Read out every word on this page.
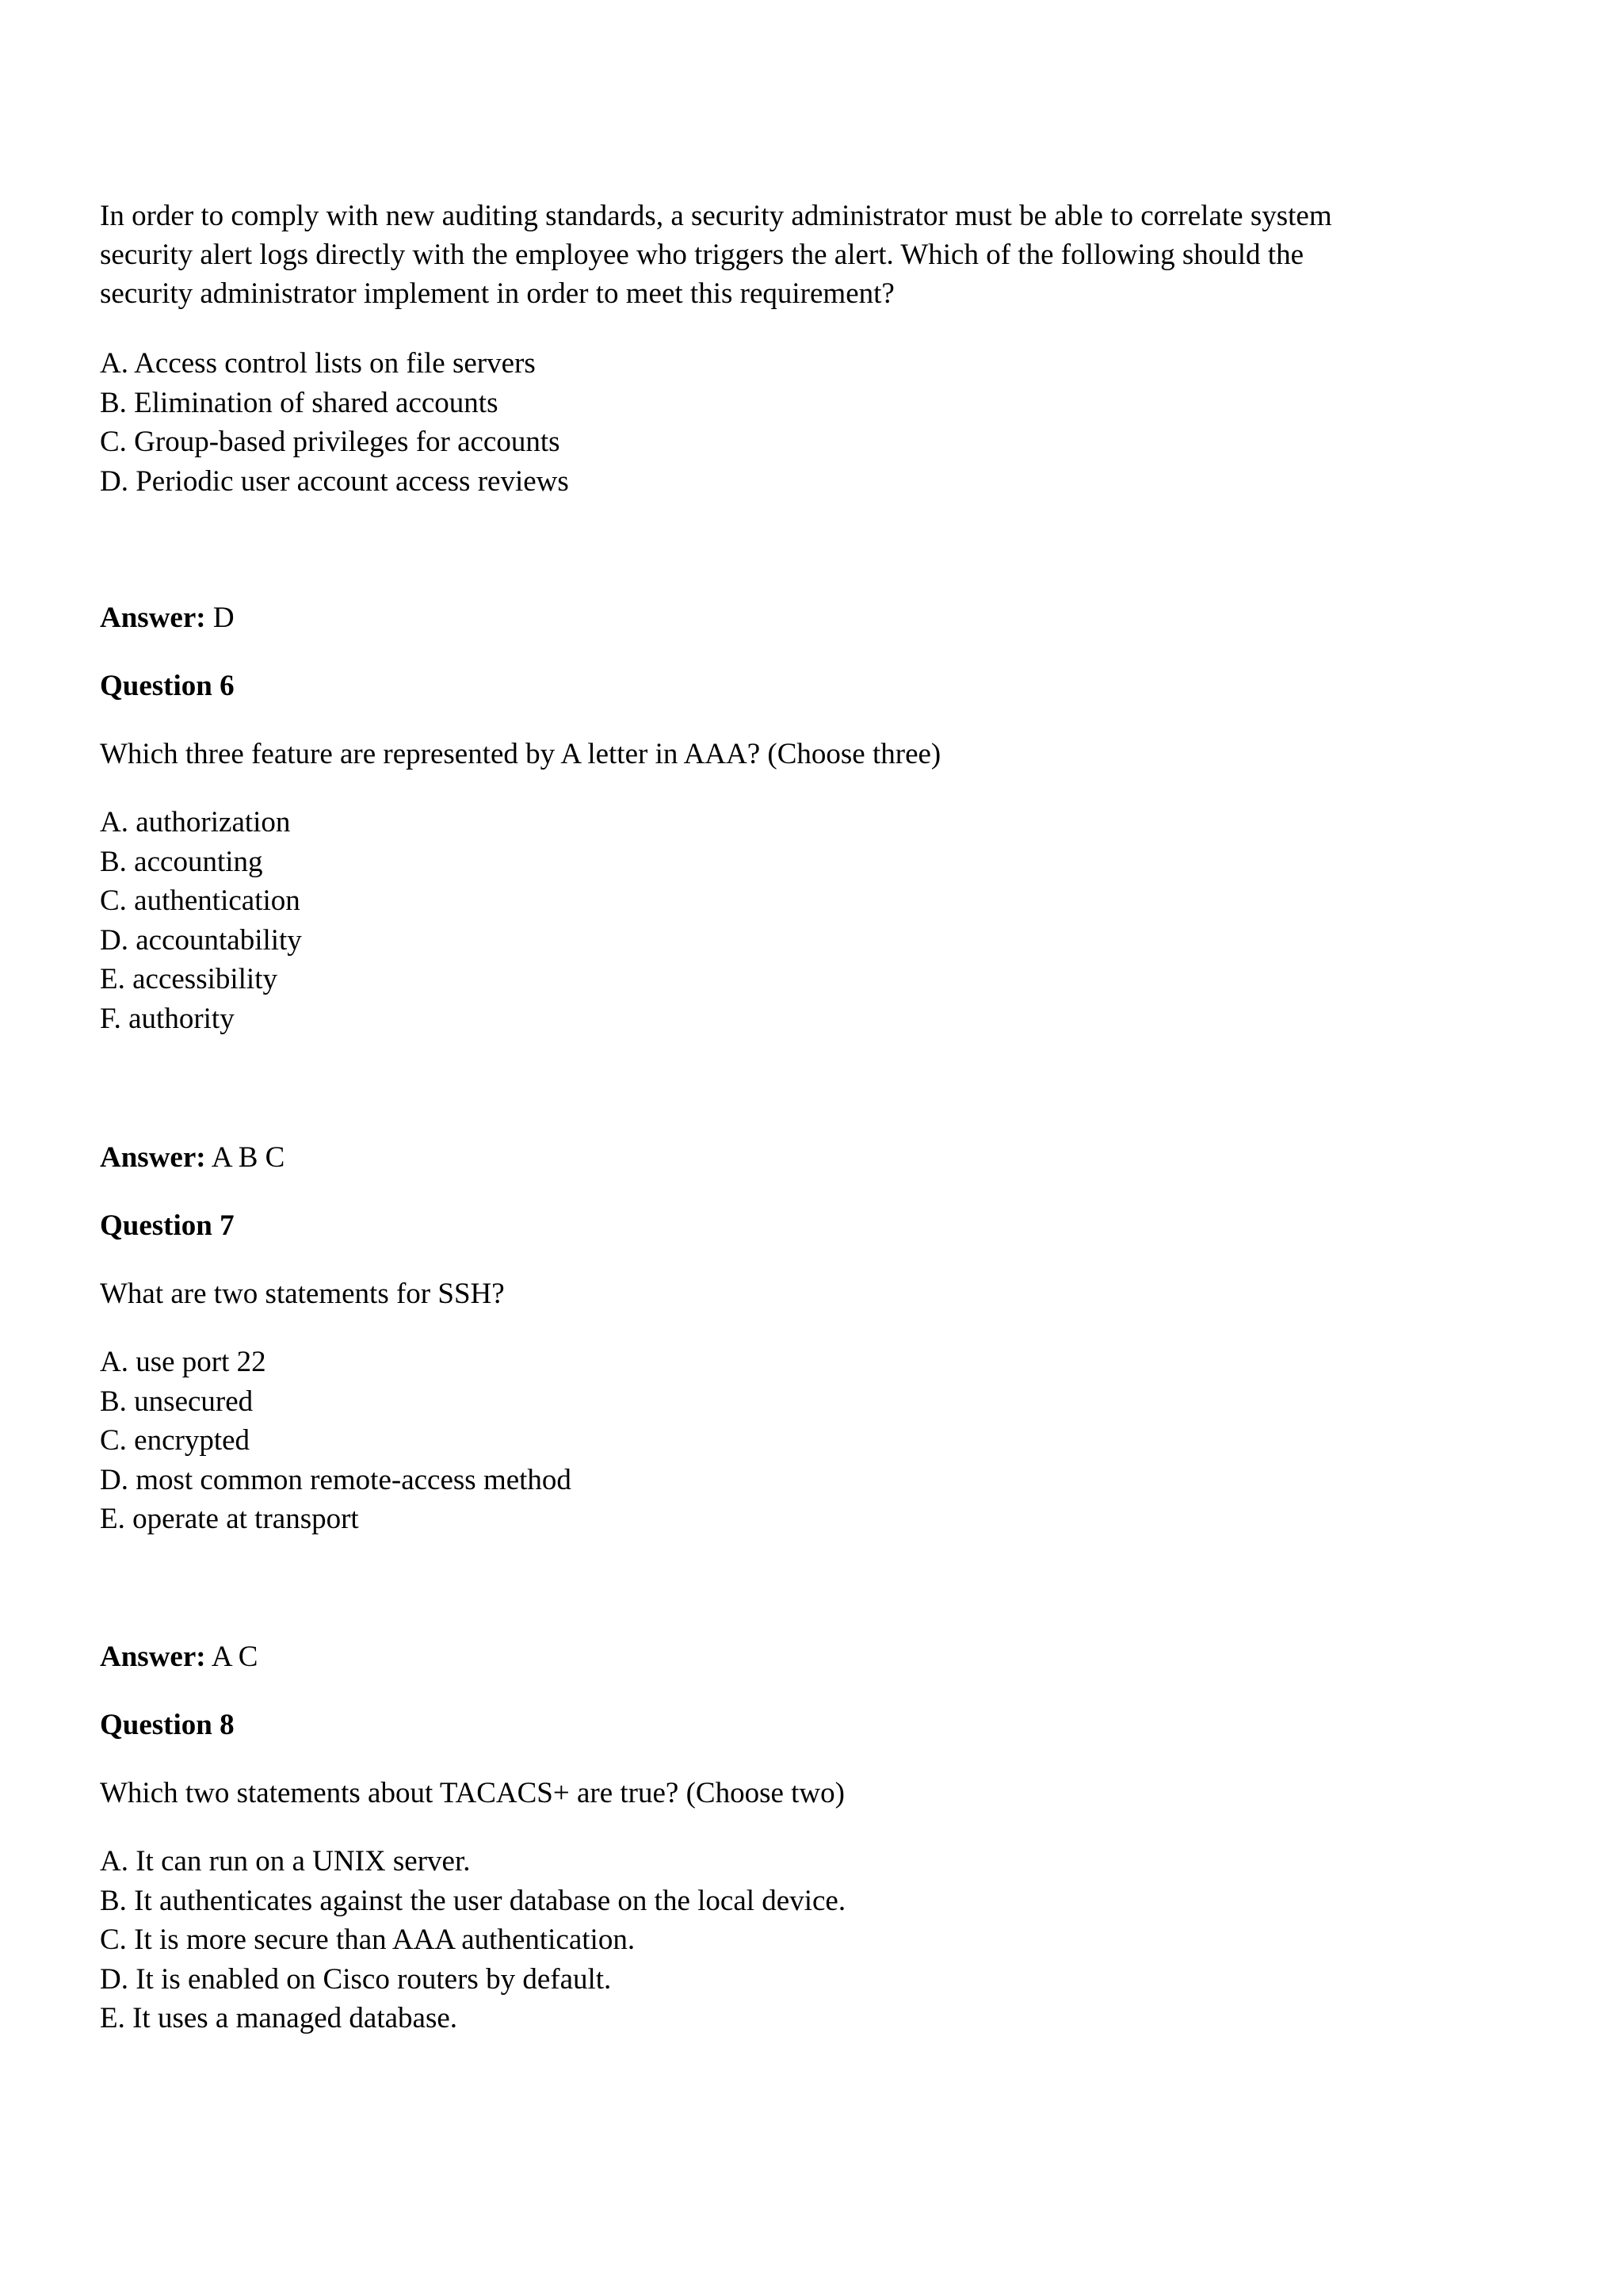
In order to comply with new auditing standards, a security administrator must be able to correlate system
security alert logs directly with the employee who triggers the alert. Which of the following should the
security administrator implement in order to meet this requirement?
A. Access control lists on file servers
B. Elimination of shared accounts
C. Group-based privileges for accounts
D. Periodic user account access reviews
Answer: D
Question 6
Which three feature are represented by A letter in AAA? (Choose three)
A. authorization
B. accounting
C. authentication
D. accountability
E. accessibility
F. authority
Answer: A B C
Question 7
What are two statements for SSH?
A. use port 22
B. unsecured
C. encrypted
D. most common remote-access method
E. operate at transport
Answer: A C
Question 8
Which two statements about TACACS+ are true? (Choose two)
A. It can run on a UNIX server.
B. It authenticates against the user database on the local device.
C. It is more secure than AAA authentication.
D. It is enabled on Cisco routers by default.
E. It uses a managed database.
